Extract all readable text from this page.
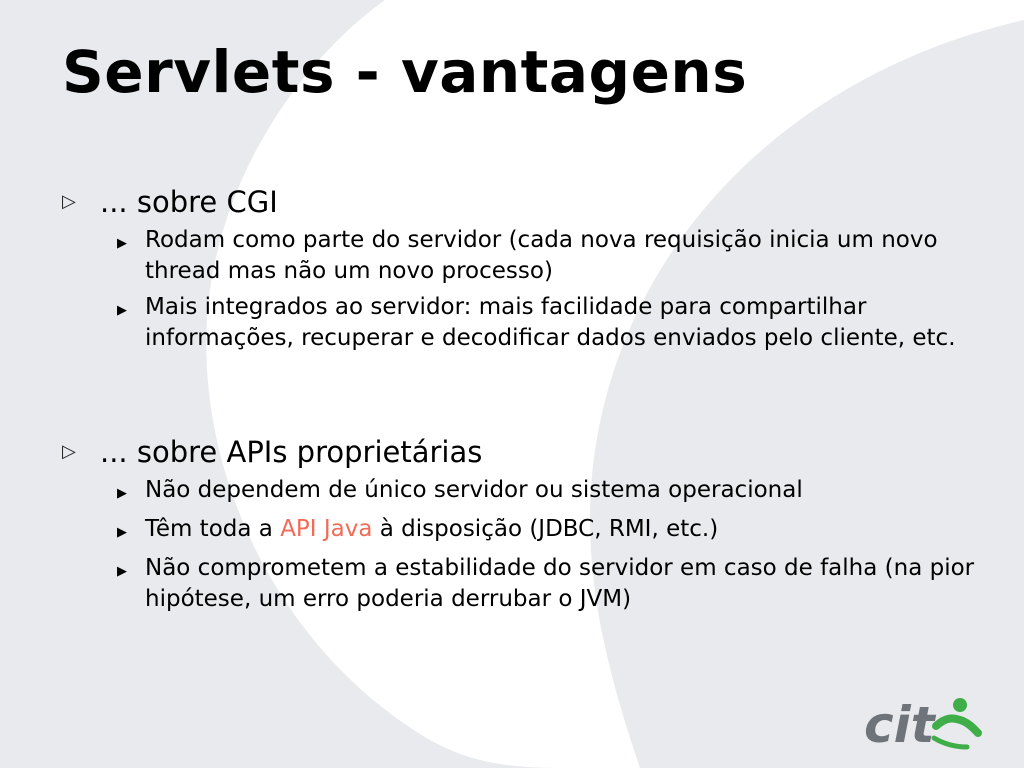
Servlets - vantagens
▷ ... sobre CGI
▶ Rodam como parte do servidor (cada nova requisição inicia um novo thread mas não um novo processo)
▶ Mais integrados ao servidor: mais facilidade para compartilhar informações, recuperar e decodificar dados enviados pelo cliente, etc.
▷ ... sobre APIs proprietárias
▶ Não dependem de único servidor ou sistema operacional
▶ Têm toda a API Java à disposição (JDBC, RMI, etc.)
▶ Não comprometem a estabilidade do servidor em caso de falha (na pior hipótese, um erro poderia derrubar o JVM)
cit
